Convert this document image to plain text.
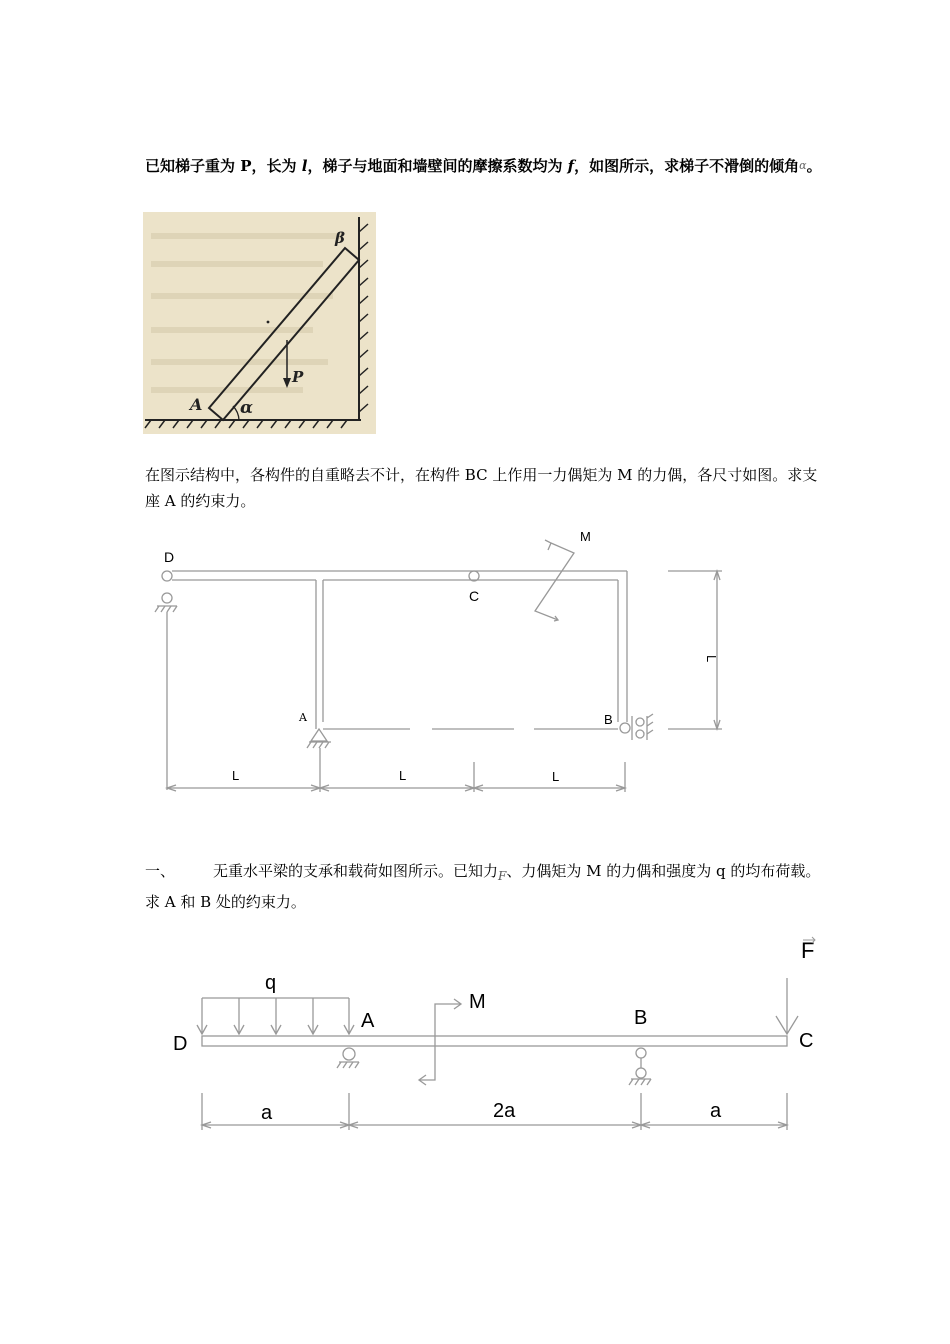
已知梯子重为 P，长为 l，梯子与地面和墙壁间的摩擦系数均为 f，如图所示，求梯子不滑倒的倾角$^\alpha$。

A α
β
P

在图示结构中，各构件的自重略去不计，在构件 BC 上作用一力偶矩为 M 的力偶，各尺寸如图。求支座 A 的约束力。

D
C
M
A	B
L
L	L	L

一、	无重水平梁的支承和载荷如图所示。已知力$_F$、力偶矩为 M 的力偶和强度为 q 的均布荷载。求 A 和 B 处的约束力。

q
D
A
M
B
C
F
a	2a	a
